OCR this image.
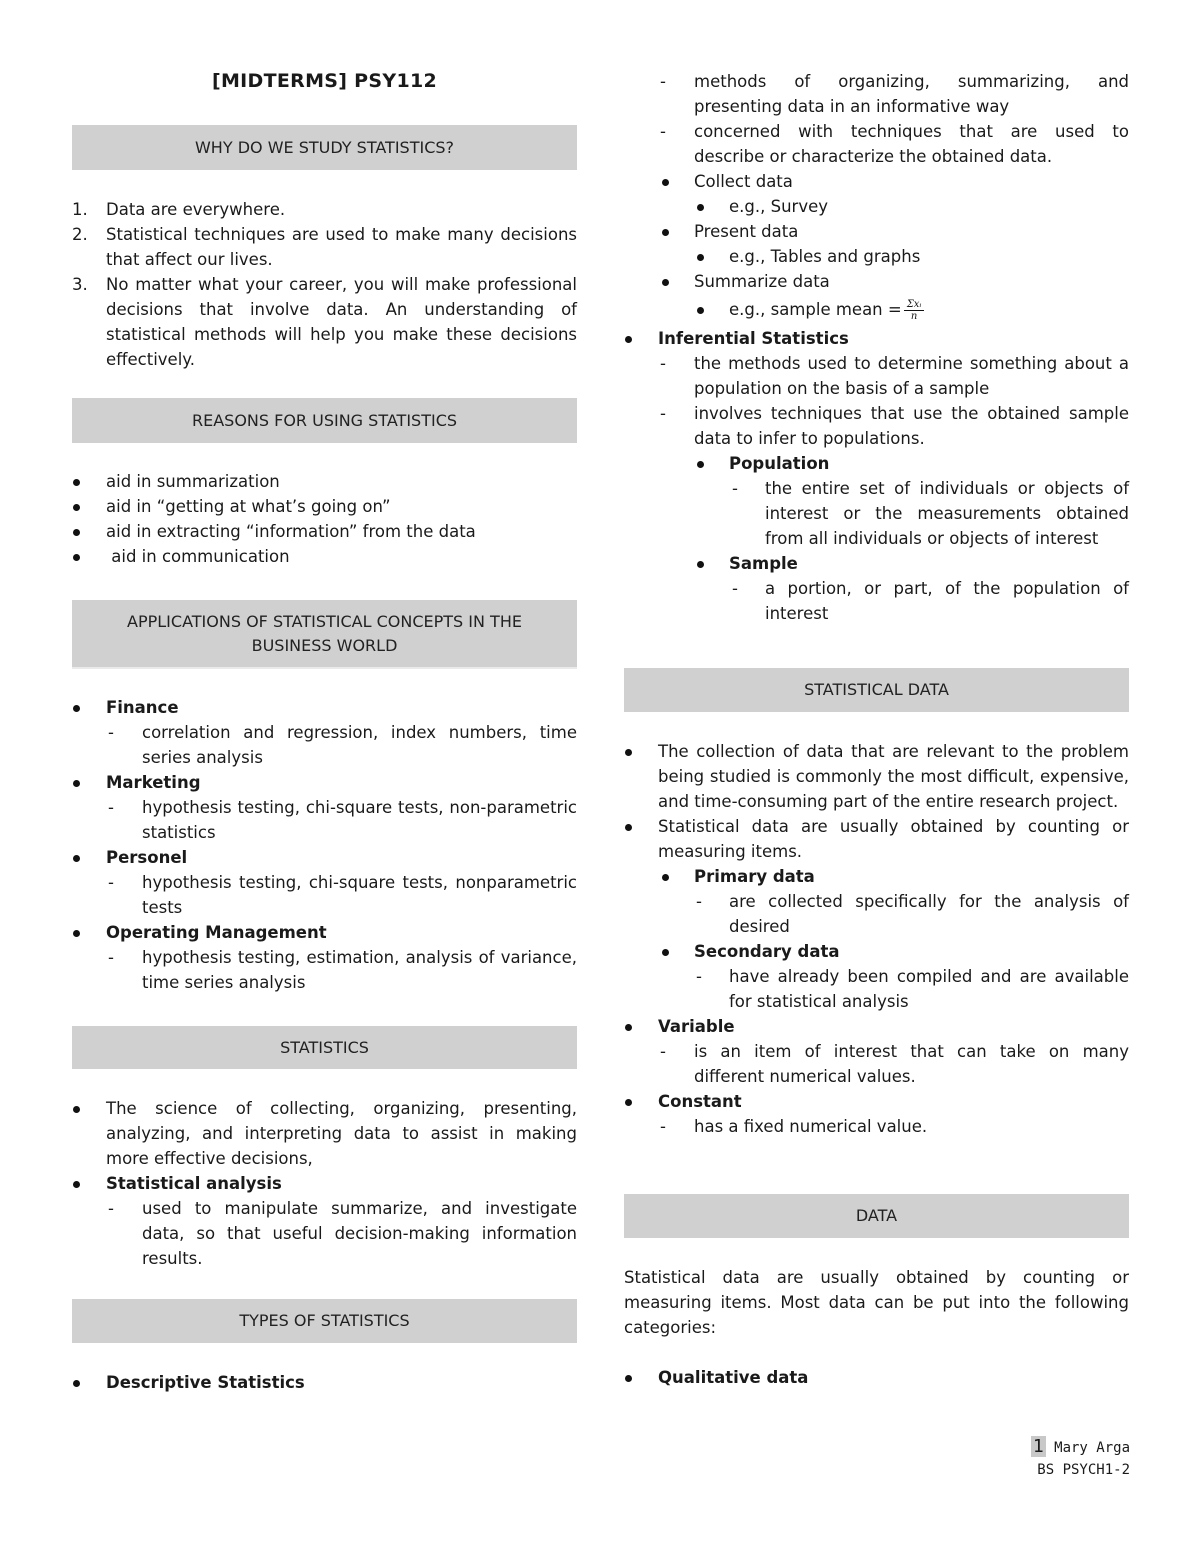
[MIDTERMS] PSY112
WHY DO WE STUDY STATISTICS?
1. Data are everywhere.
2. Statistical techniques are used to make many decisions that affect our lives.
3. No matter what your career, you will make professional decisions that involve data. An understanding of statistical methods will help you make these decisions effectively.
REASONS FOR USING STATISTICS
aid in summarization
aid in “getting at what’s going on”
aid in extracting “information” from the data
aid in communication
APPLICATIONS OF STATISTICAL CONCEPTS IN THE BUSINESS WORLD
Finance
- correlation and regression, index numbers, time series analysis
Marketing
- hypothesis testing, chi-square tests, non-parametric statistics
Personel
- hypothesis testing, chi-square tests, nonparametric tests
Operating Management
- hypothesis testing, estimation, analysis of variance, time series analysis
STATISTICS
The science of collecting, organizing, presenting, analyzing, and interpreting data to assist in making more effective decisions,
Statistical analysis
- used to manipulate summarize, and investigate data, so that useful decision-making information results.
TYPES OF STATISTICS
Descriptive Statistics
- methods of organizing, summarizing, and presenting data in an informative way
- concerned with techniques that are used to describe or characterize the obtained data.
Collect data
e.g., Survey
Present data
e.g., Tables and graphs
Summarize data
e.g., sample mean = $\frac{\text{Σxᵢ}}{n}$
Inferential Statistics
- the methods used to determine something about a population on the basis of a sample
- involves techniques that use the obtained sample data to infer to populations.
Population
- the entire set of individuals or objects of interest or the measurements obtained from all individuals or objects of interest
Sample
- a portion, or part, of the population of interest
STATISTICAL DATA
The collection of data that are relevant to the problem being studied is commonly the most difficult, expensive, and time-consuming part of the entire research project.
Statistical data are usually obtained by counting or measuring items.
Primary data
- are collected specifically for the analysis of desired
Secondary data
- have already been compiled and are available for statistical analysis
Variable
- is an item of interest that can take on many different numerical values.
Constant
- has a fixed numerical value.
DATA
Statistical data are usually obtained by counting or measuring items. Most data can be put into the following categories:
Qualitative data
1 Mary Arga
BS PSYCH1-2
